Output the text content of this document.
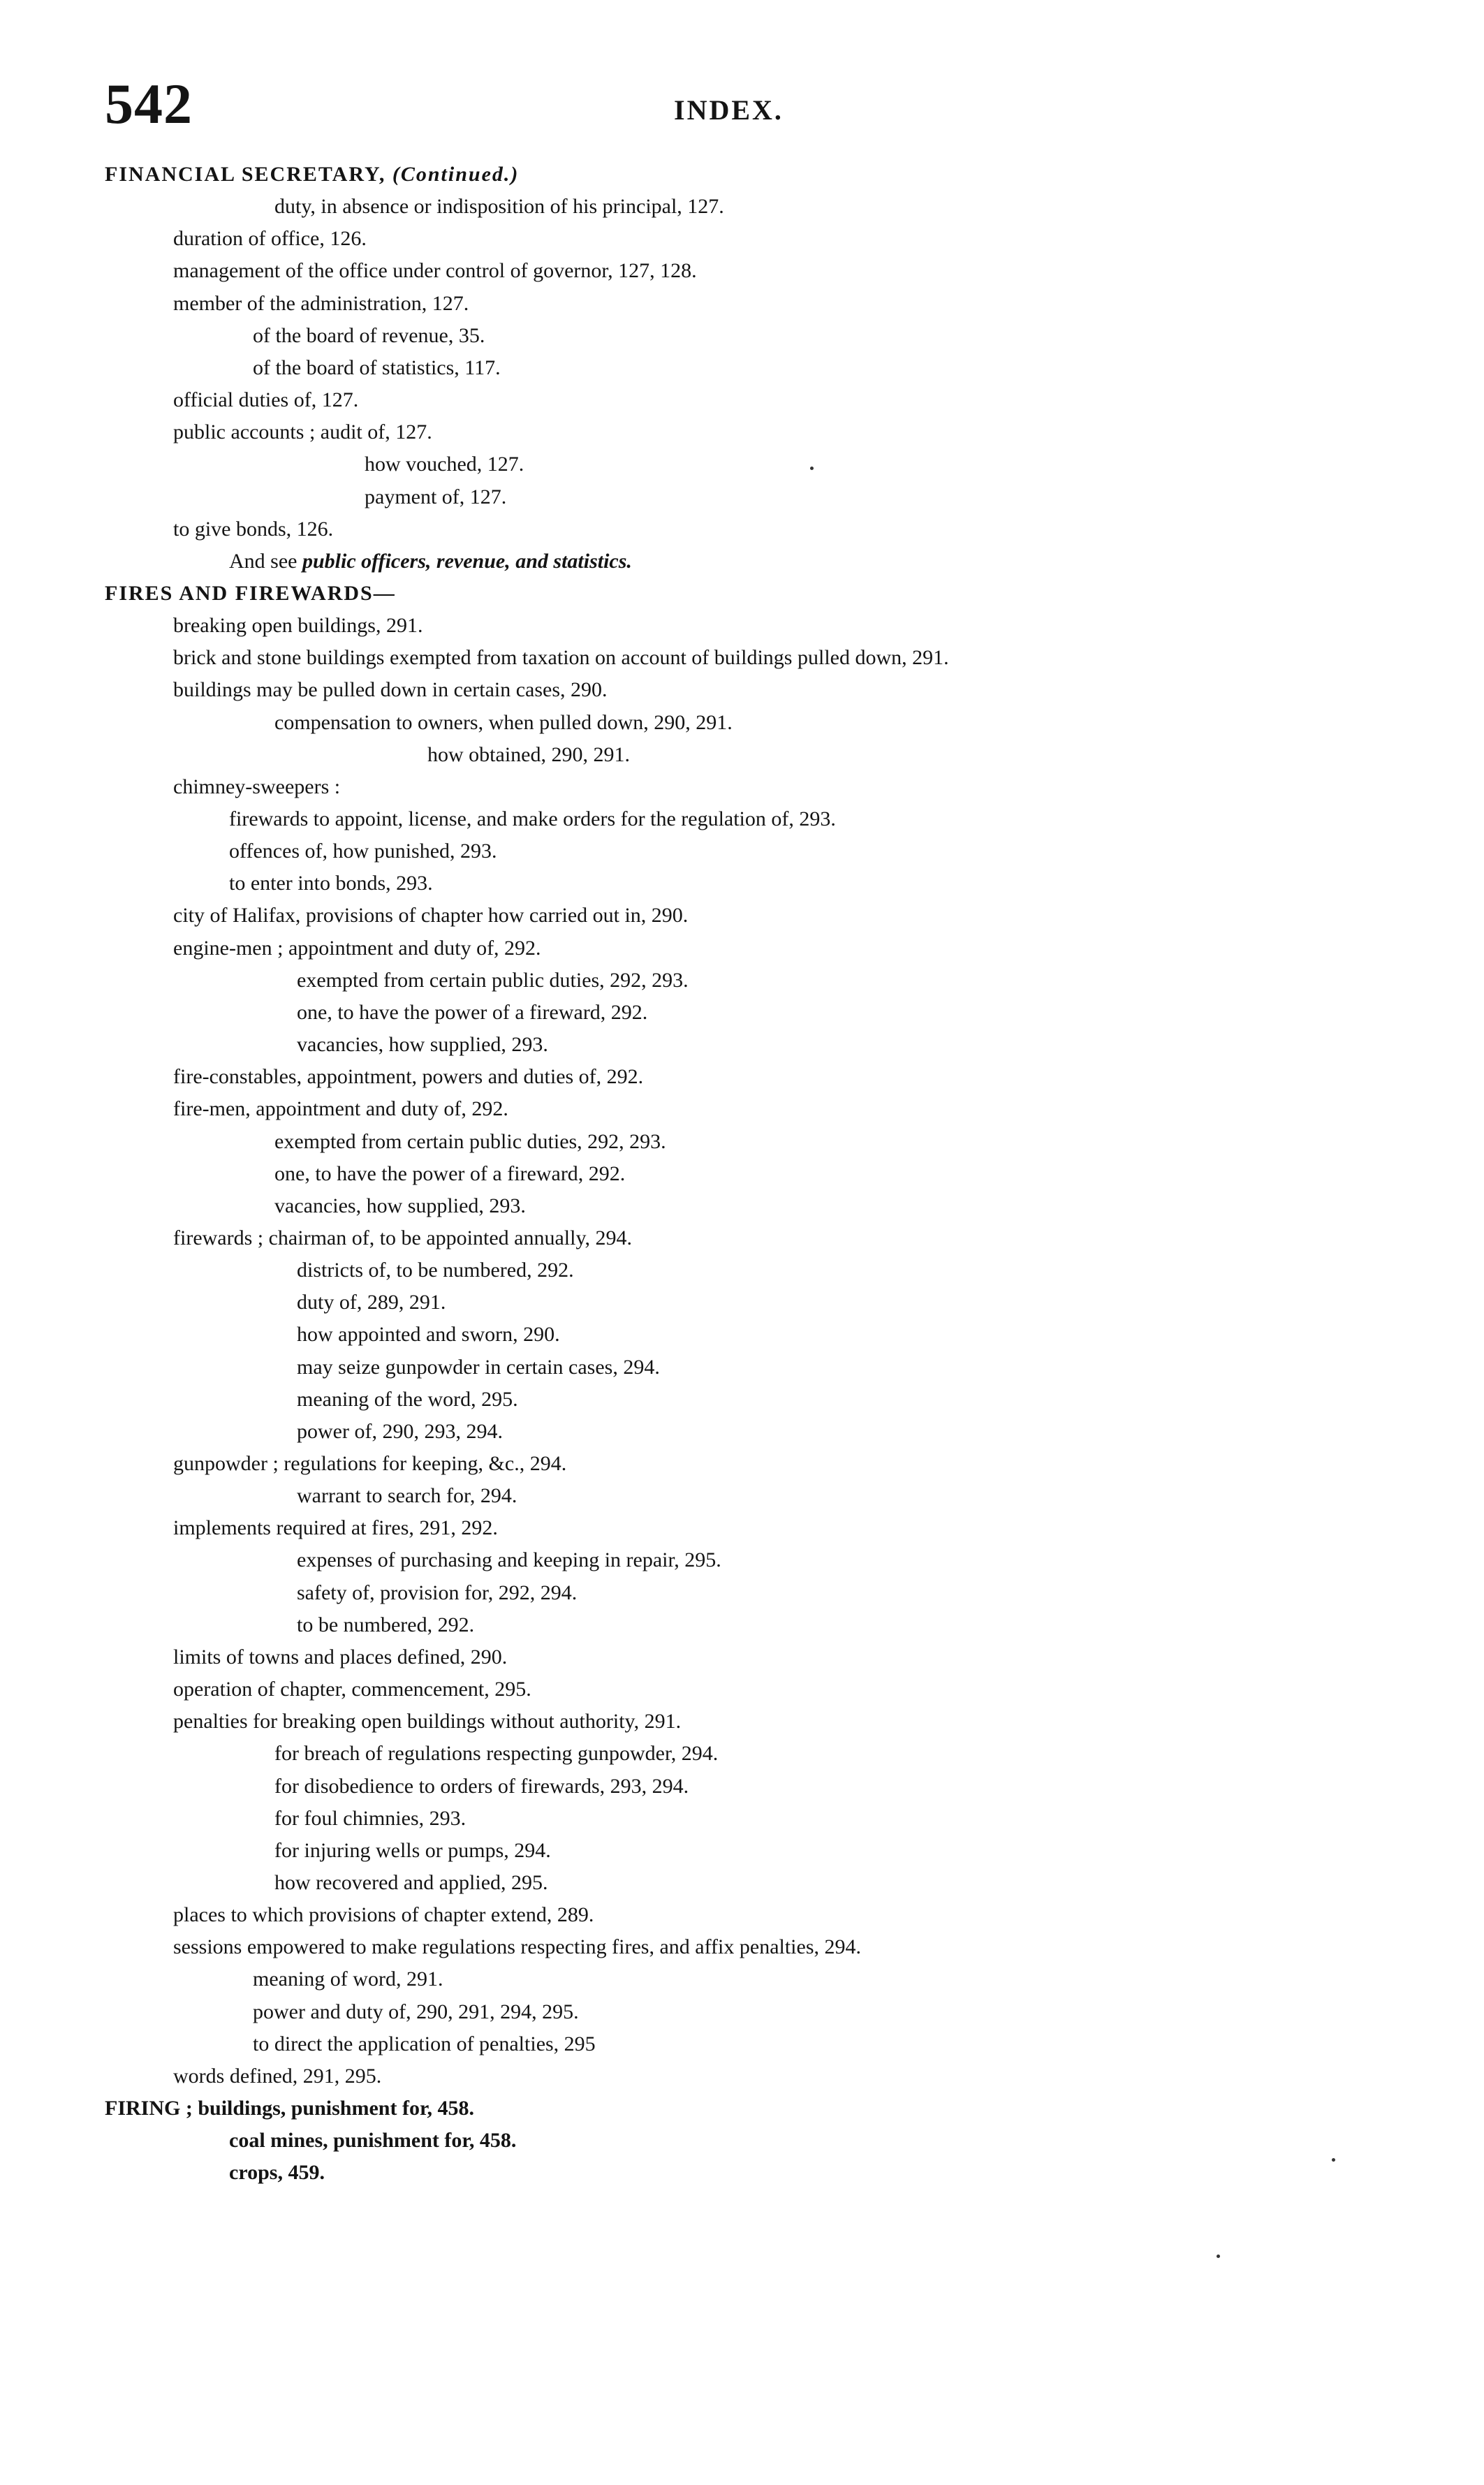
542	INDEX.
FINANCIAL SECRETARY, (Continued.)
duty, in absence or indisposition of his principal, 127.
duration of office, 126.
management of the office under control of governor, 127, 128.
member of the administration, 127.
of the board of revenue, 35.
of the board of statistics, 117.
official duties of, 127.
public accounts ; audit of, 127.
how vouched, 127.
payment of, 127.
to give bonds, 126.
And see public officers, revenue, and statistics.
FIRES AND FIREWARDS—
breaking open buildings, 291.
brick and stone buildings exempted from taxation on account of buildings pulled down, 291.
buildings may be pulled down in certain cases, 290.
compensation to owners, when pulled down, 290, 291.
how obtained, 290, 291.
chimney-sweepers :
firewards to appoint, license, and make orders for the regulation of, 293.
offences of, how punished, 293.
to enter into bonds, 293.
city of Halifax, provisions of chapter how carried out in, 290.
engine-men ; appointment and duty of, 292.
exempted from certain public duties, 292, 293.
one, to have the power of a fireward, 292.
vacancies, how supplied, 293.
fire-constables, appointment, powers and duties of, 292.
fire-men, appointment and duty of, 292.
exempted from certain public duties, 292, 293.
one, to have the power of a fireward, 292.
vacancies, how supplied, 293.
firewards ; chairman of, to be appointed annually, 294.
districts of, to be numbered, 292.
duty of, 289, 291.
how appointed and sworn, 290.
may seize gunpowder in certain cases, 294.
meaning of the word, 295.
power of, 290, 293, 294.
gunpowder ; regulations for keeping, &c., 294.
warrant to search for, 294.
implements required at fires, 291, 292.
expenses of purchasing and keeping in repair, 295.
safety of, provision for, 292, 294.
to be numbered, 292.
limits of towns and places defined, 290.
operation of chapter, commencement, 295.
penalties for breaking open buildings without authority, 291.
for breach of regulations respecting gunpowder, 294.
for disobedience to orders of firewards, 293, 294.
for foul chimnies, 293.
for injuring wells or pumps, 294.
how recovered and applied, 295.
places to which provisions of chapter extend, 289.
sessions empowered to make regulations respecting fires, and affix penalties, 294.
meaning of word, 291.
power and duty of, 290, 291, 294, 295.
to direct the application of penalties, 295
words defined, 291, 295.
FIRING ; buildings, punishment for, 458.
coal mines, punishment for, 458.
crops, 459.
